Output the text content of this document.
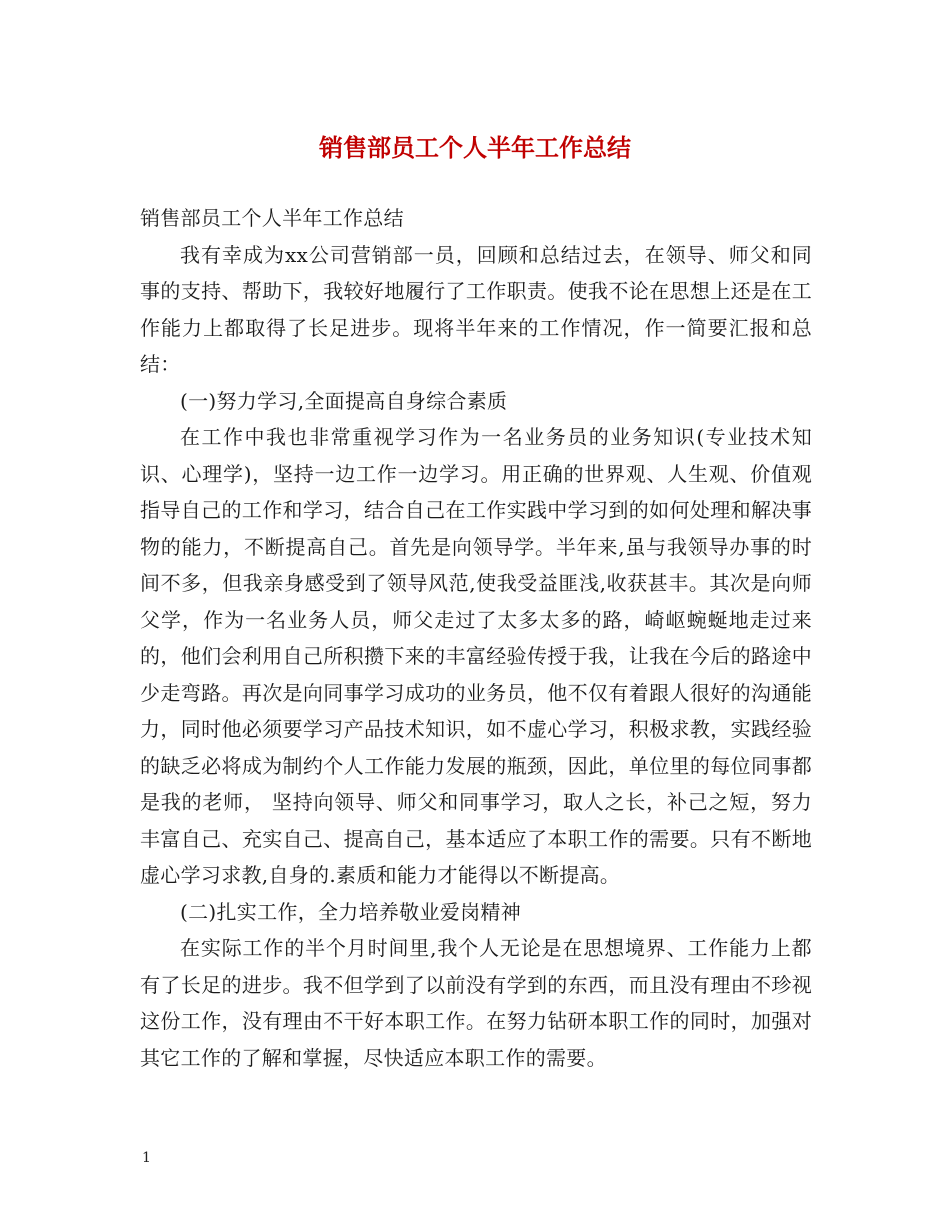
销售部员工个人半年工作总结

销售部员工个人半年工作总结

我有幸成为xx公司营销部一员，回顾和总结过去，在领导、师父和同事的支持、帮助下，我较好地履行了工作职责。使我不论在思想上还是在工作能力上都取得了长足进步。现将半年来的工作情况，作一简要汇报和总结：

(一)努力学习,全面提高自身综合素质

在工作中我也非常重视学习作为一名业务员的业务知识(专业技术知识、心理学)，坚持一边工作一边学习。用正确的世界观、人生观、价值观指导自己的工作和学习，结合自己在工作实践中学习到的如何处理和解决事物的能力，不断提高自己。首先是向领导学。半年来,虽与我领导办事的时间不多，但我亲身感受到了领导风范,使我受益匪浅,收获甚丰。其次是向师父学，作为一名业务人员，师父走过了太多太多的路，崎岖蜿蜒地走过来的，他们会利用自己所积攒下来的丰富经验传授于我，让我在今后的路途中少走弯路。再次是向同事学习成功的业务员，他不仅有着跟人很好的沟通能力，同时他必须要学习产品技术知识，如不虚心学习，积极求教，实践经验的缺乏必将成为制约个人工作能力发展的瓶颈，因此，单位里的每位同事都是我的老师， 坚持向领导、师父和同事学习，取人之长，补己之短，努力丰富自己、充实自己、提高自己，基本适应了本职工作的需要。只有不断地虚心学习求教,自身的.素质和能力才能得以不断提高。

(二)扎实工作，全力培养敬业爱岗精神

在实际工作的半个月时间里,我个人无论是在思想境界、工作能力上都有了长足的进步。我不但学到了以前没有学到的东西，而且没有理由不珍视这份工作，没有理由不干好本职工作。在努力钻研本职工作的同时，加强对其它工作的了解和掌握，尽快适应本职工作的需要。

1
